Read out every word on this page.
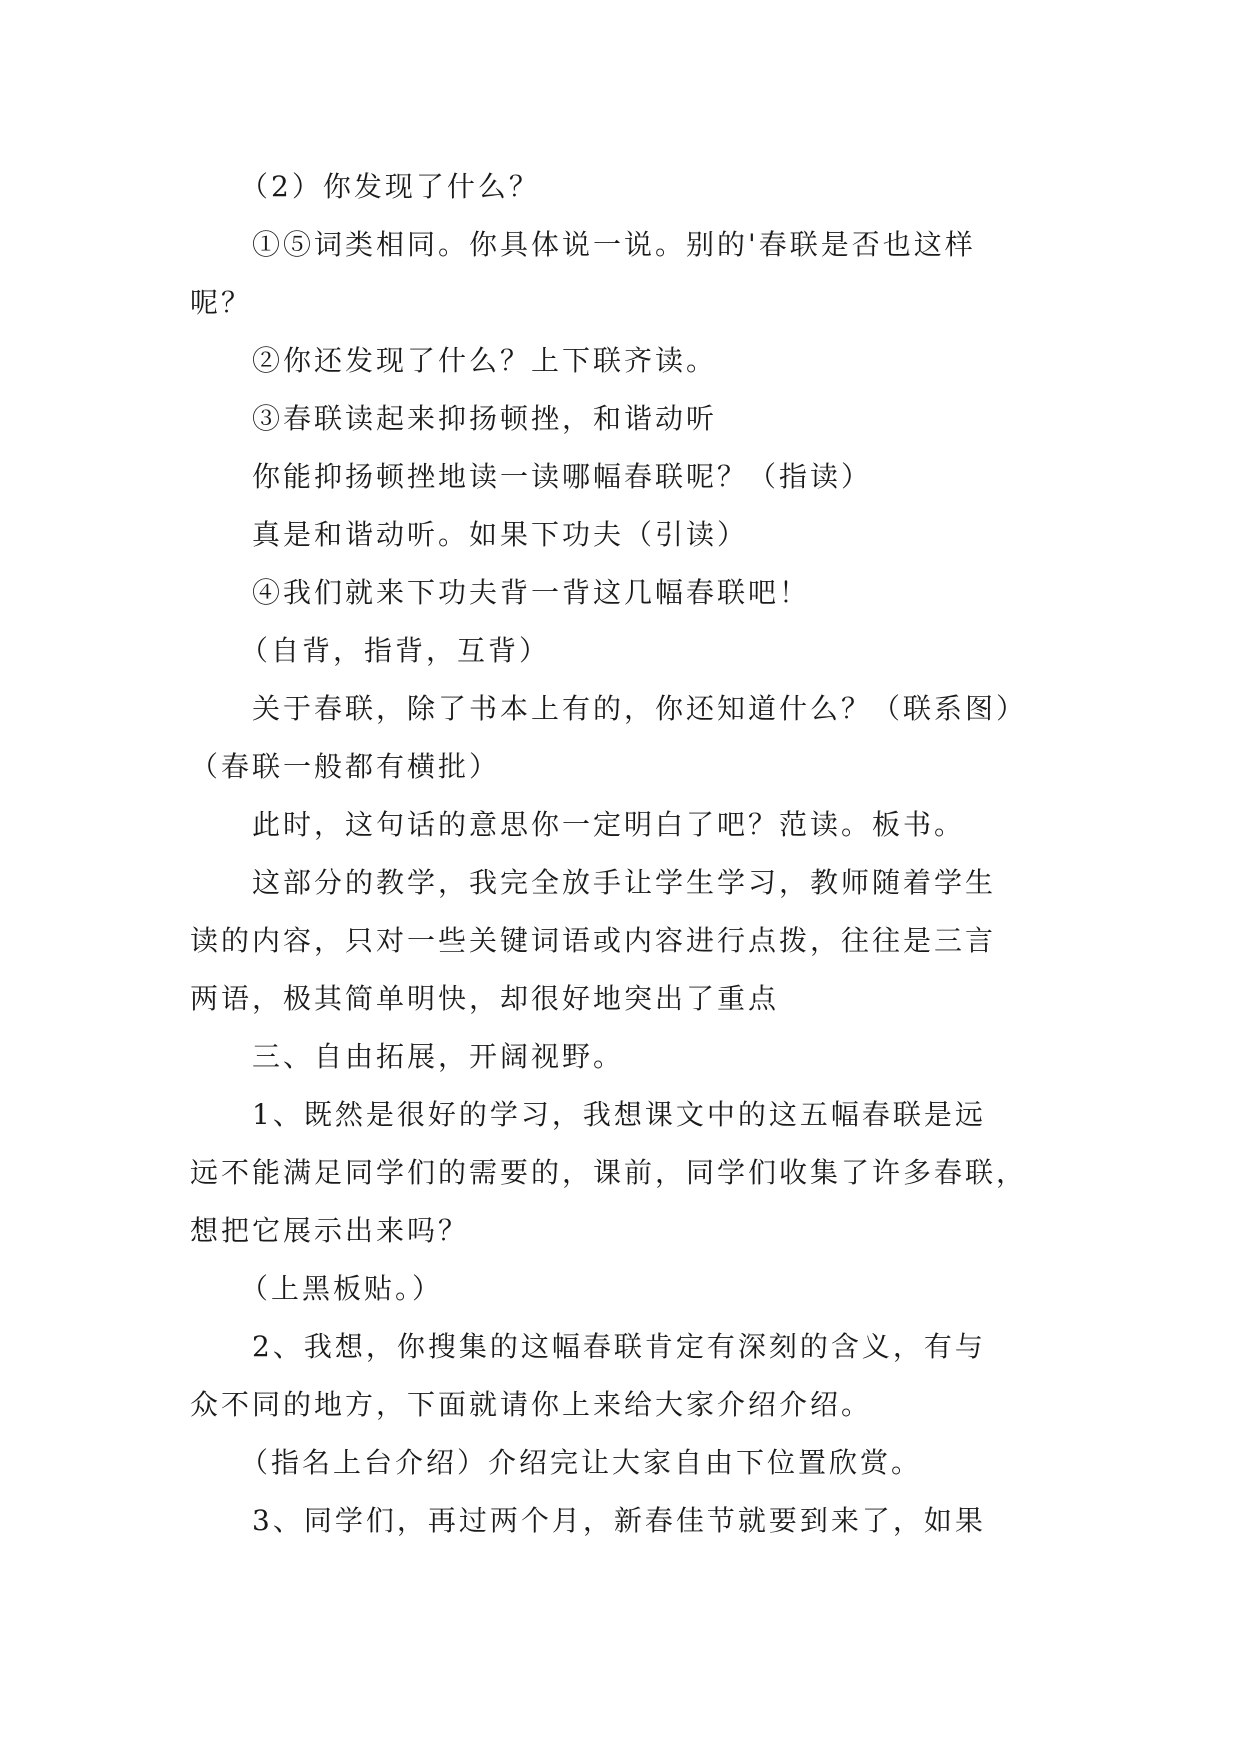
（2）你发现了什么？

①⑤词类相同。你具体说一说。别的'春联是否也这样

呢？

②你还发现了什么？上下联齐读。

③春联读起来抑扬顿挫，和谐动听

你能抑扬顿挫地读一读哪幅春联呢？（指读）

真是和谐动听。如果下功夫（引读）

④我们就来下功夫背一背这几幅春联吧！

（自背，指背，互背）

关于春联，除了书本上有的，你还知道什么？（联系图）

（春联一般都有横批）

此时，这句话的意思你一定明白了吧？范读。板书。

这部分的教学，我完全放手让学生学习，教师随着学生

读的内容，只对一些关键词语或内容进行点拨，往往是三言

两语，极其简单明快，却很好地突出了重点

三、自由拓展，开阔视野。

1、既然是很好的学习，我想课文中的这五幅春联是远

远不能满足同学们的需要的，课前，同学们收集了许多春联，

想把它展示出来吗？

（上黑板贴。）

2、我想，你搜集的这幅春联肯定有深刻的含义，有与

众不同的地方，下面就请你上来给大家介绍介绍。

（指名上台介绍）介绍完让大家自由下位置欣赏。

3、同学们，再过两个月，新春佳节就要到来了，如果
